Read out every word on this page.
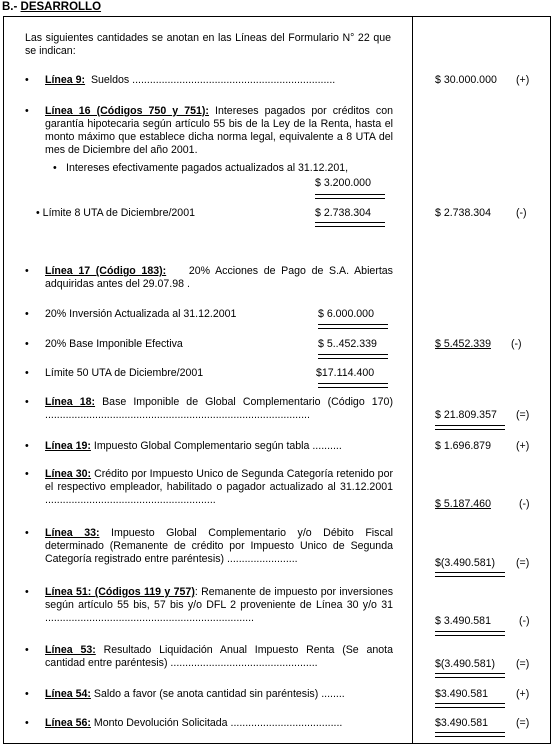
B.- DESARROLLO
Las siguientes cantidades se anotan en las Líneas del Formulario N° 22 que se indican:
• Línea 9: Sueldos .....................................................................	$ 30.000.000 (+)
• Línea 16 (Códigos 750 y 751): Intereses pagados por créditos con garantía hipotecaria según artículo 55 bis de la Ley de la Renta, hasta el monto máximo que establece dicha norma legal, equivalente a 8 UTA del mes de Diciembre del año 2001.
• Intereses efectivamente pagados actualizados al 31.12.201,
$ 3.200.000
• Límite 8 UTA de Diciembre/2001	$ 2.738.304	$ 2.738.304 (-)
• Línea 17 (Código 183): 20% Acciones de Pago de S.A. Abiertas adquiridas antes del 29.07.98 .
• 20% Inversión Actualizada al 31.12.2001	$ 6.000.000
• 20% Base Imponible Efectiva	$ 5..452.339	$ 5.452.339 (-)
• Límite 50 UTA de Diciembre/2001	$17.114.400
• Línea 18: Base Imponible de Global Complementario (Código 170) ..........................................................................................	$ 21.809.357 (=)
• Línea 19: Impuesto Global Complementario según tabla ..........	$ 1.696.879 (+)
• Línea 30: Crédito por Impuesto Unico de Segunda Categoría retenido por el respectivo empleador, habilitado o pagador actualizado al 31.12.2001 ..........................................................	$ 5.187.460	(-)
• Línea 33: Impuesto Global Complementario y/o Débito Fiscal determinado (Remanente de crédito por Impuesto Unico de Segunda Categoría registrado entre paréntesis) ........................	$(3.490.581) (=)
• Línea 51: (Códigos 119 y 757): Remanente de impuesto por inversiones según artículo 55 bis, 57 bis y/o DFL 2 proveniente de Línea 30 y/o 31 .......................................................................	$ 3.490.581	(-)
• Línea 53: Resultado Liquidación Anual Impuesto Renta (Se anota cantidad entre paréntesis) ..................................................	$(3.490.581) (=)
• Línea 54: Saldo a favor (se anota cantidad sin paréntesis) ........	$3.490.581	(+)
• Línea 56: Monto Devolución Solicitada ......................................	$3.490.581	(=)
